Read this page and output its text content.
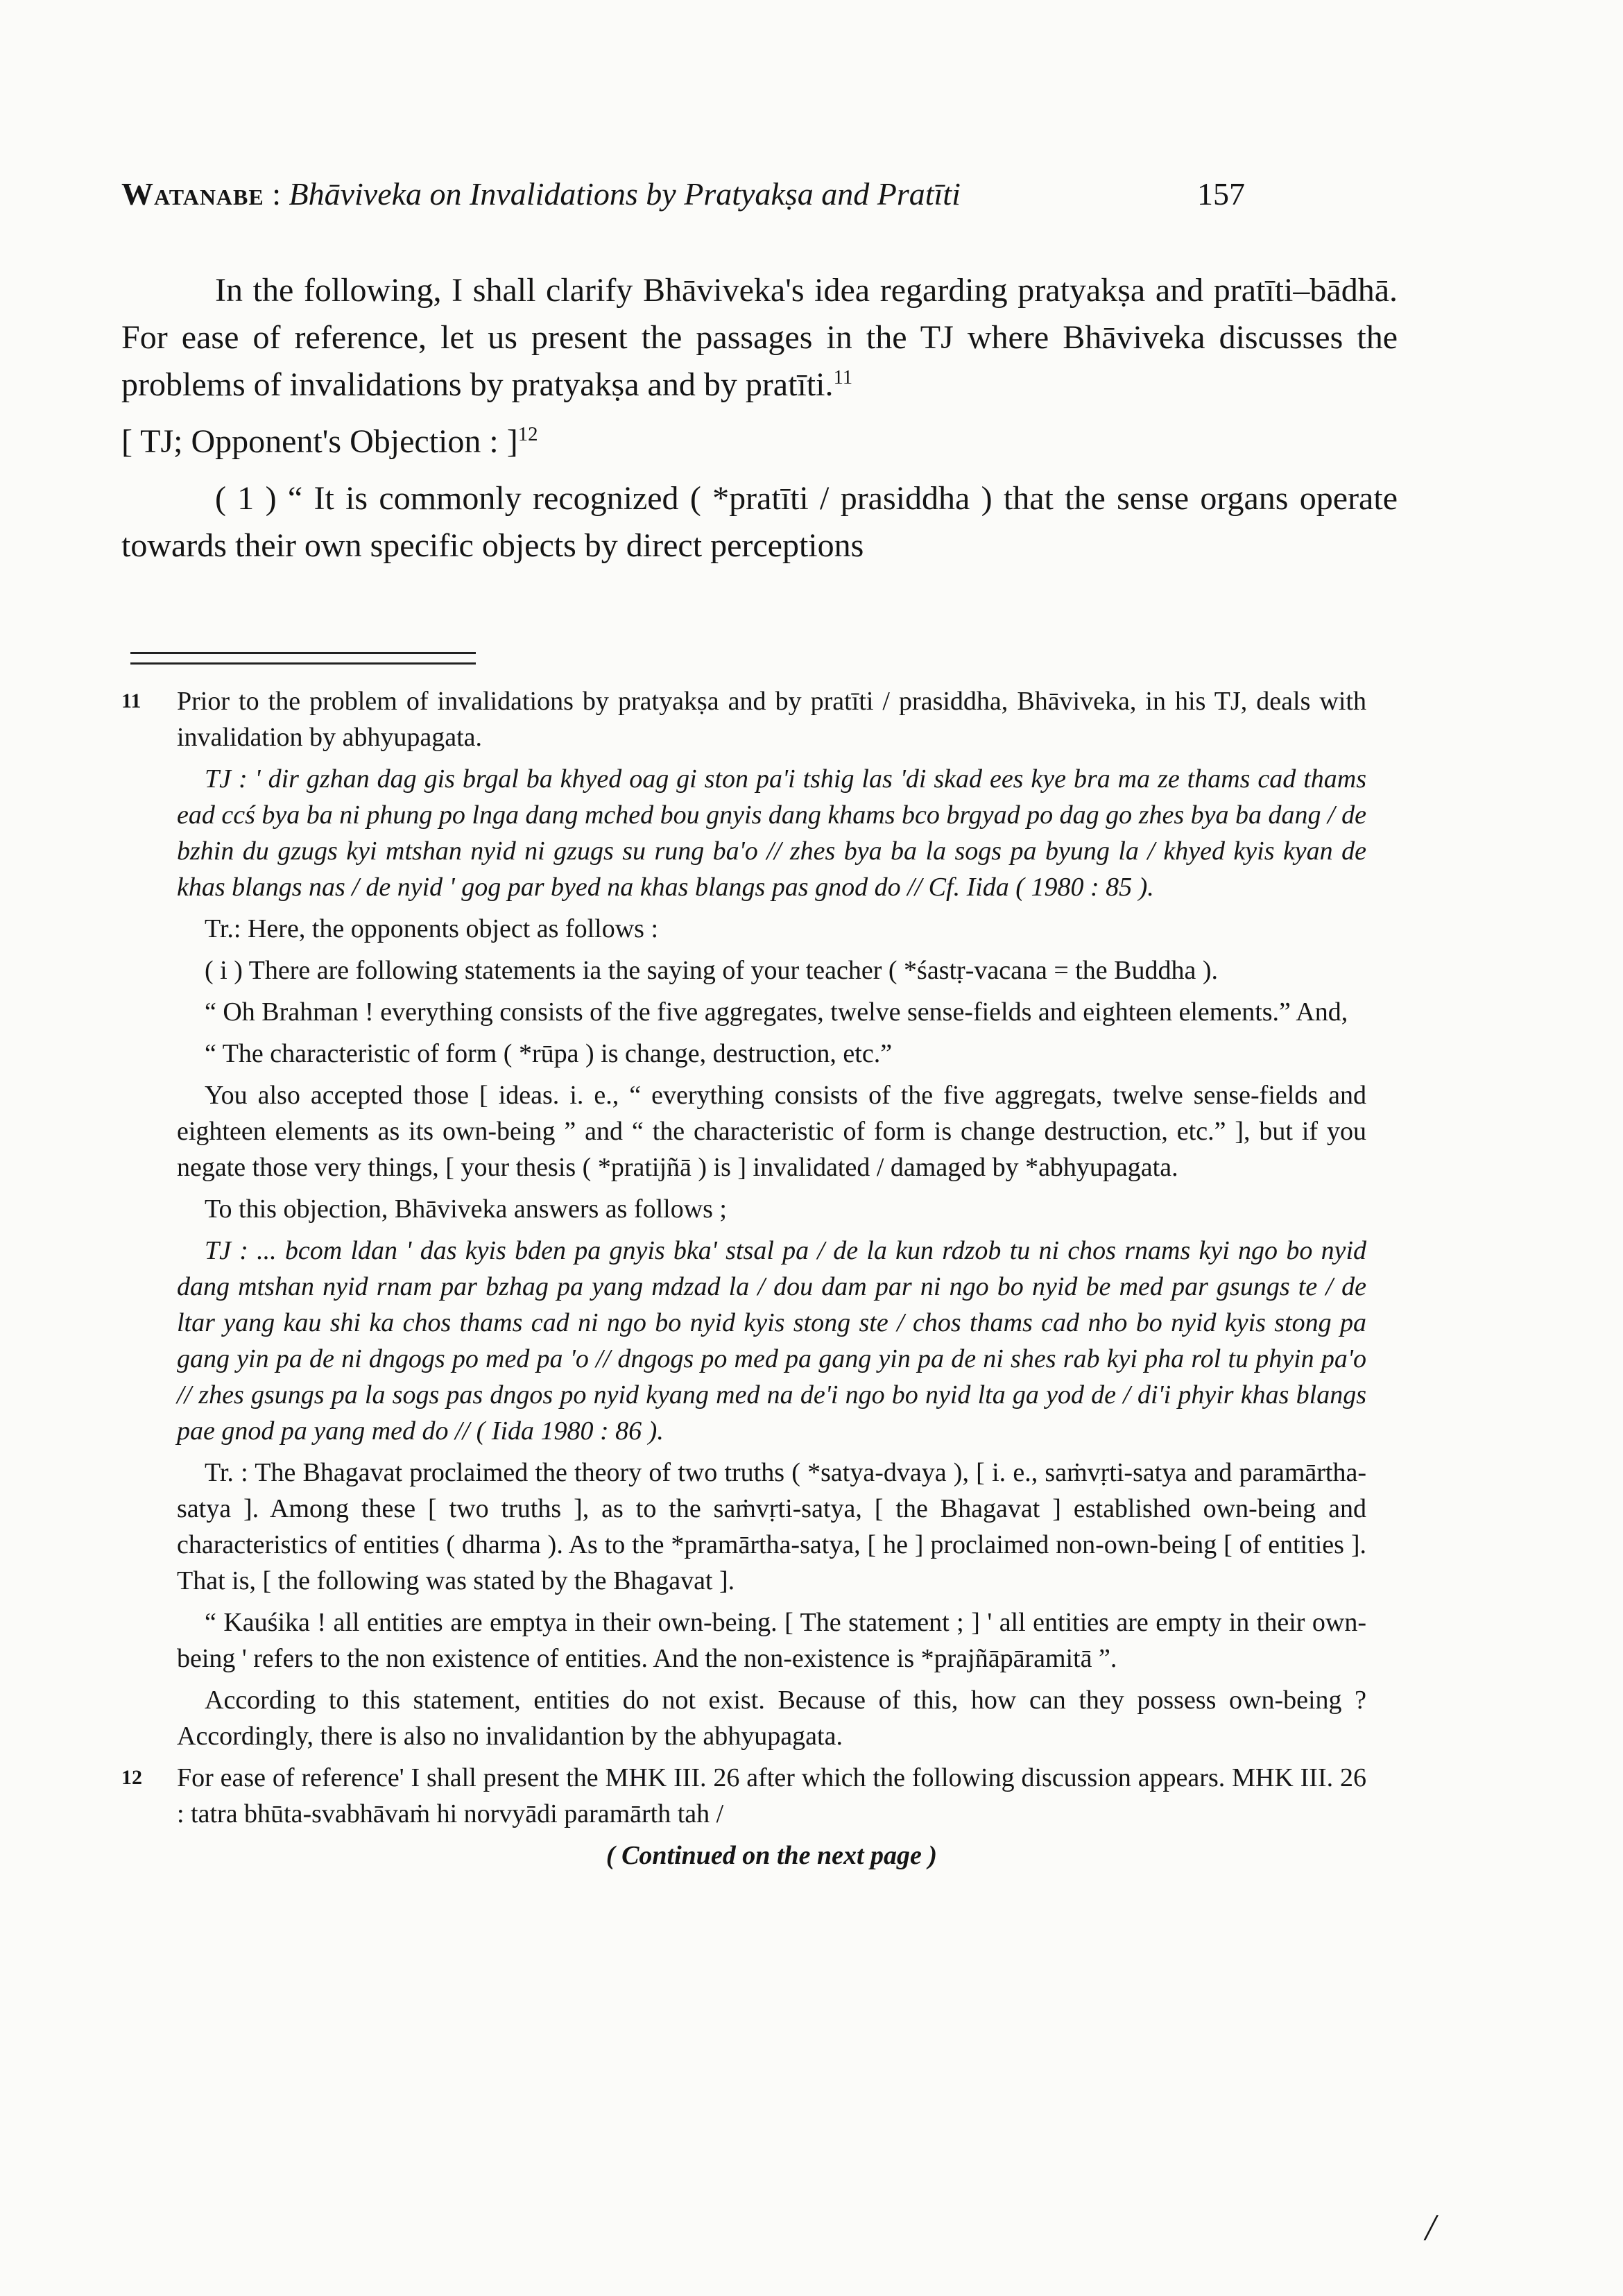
Watanabe : Bhāviveka on Invalidations by Pratyakṣa and Pratīti	157

In the following, I shall clarify Bhāviveka's idea regarding pratyakṣa and pratīti–bādhā. For ease of reference, let us present the passages in the TJ where Bhāviveka discusses the problems of invalidations by pratyakṣa and by pratīti.$^{11}$

[ TJ; Opponent's Objection : ]$^{12}$

( 1 ) “ It is commonly recognized ( *pratīti / prasiddha ) that the sense organs operate towards their own specific objects by direct perceptions

11 Prior to the problem of invalidations by pratyakṣa and by pratīti / prasiddha, Bhāviveka, in his TJ, deals with invalidation by abhyupagata.

TJ : ' dir gzhan dag gis brgal ba khyed oag gi ston pa'i tshig las 'di skad ees kye bra ma ze thams cad thams ead ccś bya ba ni phung po lnga dang mched bou gnyis dang khams bco brgyad po dag go zhes bya ba dang / de bzhin du gzugs kyi mtshan nyid ni gzugs su rung ba'o // zhes bya ba la sogs pa byung la / khyed kyis kyan de khas blangs nas / de nyid ' gog par byed na khas blangs pas gnod do // Cf. Iida ( 1980 : 85 ).

Tr.: Here, the opponents object as follows :

( i ) There are following statements ia the saying of your teacher ( *śastṛ-vacana = the Buddha ).

“ Oh Brahman ! everything consists of the five aggregates, twelve sense-fields and eighteen elements.” And,

“ The characteristic of form ( *rūpa ) is change, destruction, etc.”

You also accepted those [ ideas. i. e., “ everything consists of the five aggregats, twelve sense-fields and eighteen elements as its own-being ” and “ the characteristic of form is change destruction, etc.” ], but if you negate those very things, [ your thesis ( *pratijñā ) is ] invalidated / damaged by *abhyupagata.

To this objection, Bhāviveka answers as follows ;

TJ : ... bcom ldan ' das kyis bden pa gnyis bka' stsal pa / de la kun rdzob tu ni chos rnams kyi ngo bo nyid dang mtshan nyid rnam par bzhag pa yang mdzad la / dou dam par ni ngo bo nyid be med par gsungs te / de ltar yang kau shi ka chos thams cad ni ngo bo nyid kyis stong ste / chos thams cad nho bo nyid kyis stong pa gang yin pa de ni dngogs po med pa 'o // dngogs po med pa gang yin pa de ni shes rab kyi pha rol tu phyin pa'o // zhes gsungs pa la sogs pas dngos po nyid kyang med na de'i ngo bo nyid lta ga yod de / di'i phyir khas blangs pae gnod pa yang med do // ( Iida 1980 : 86 ).

Tr. : The Bhagavat proclaimed the theory of two truths ( *satya-dvaya ), [ i. e., saṁvṛti-satya and paramārtha-satya ]. Among these [ two truths ], as to the saṁvṛti-satya, [ the Bhagavat ] established own-being and characteristics of entities ( dharma ). As to the *pramārtha-satya, [ he ] proclaimed non-own-being [ of entities ]. That is, [ the following was stated by the Bhagavat ].

“ Kauśika ! all entities are emptya in their own-being. [ The statement ; ] ' all entities are empty in their own-being ' refers to the non existence of entities. And the non-existence is *prajñāpāramitā ”.

According to this statement, entities do not exist. Because of this, how can they possess own-being ? Accordingly, there is also no invalidantion by the abhyupagata.

12 For ease of reference' I shall present the MHK III. 26 after which the following discussion appears. MHK III. 26 : tatra bhūta-svabhāvaṁ hi norvyādi paramārth tah /

( Continued on the next page )

/
